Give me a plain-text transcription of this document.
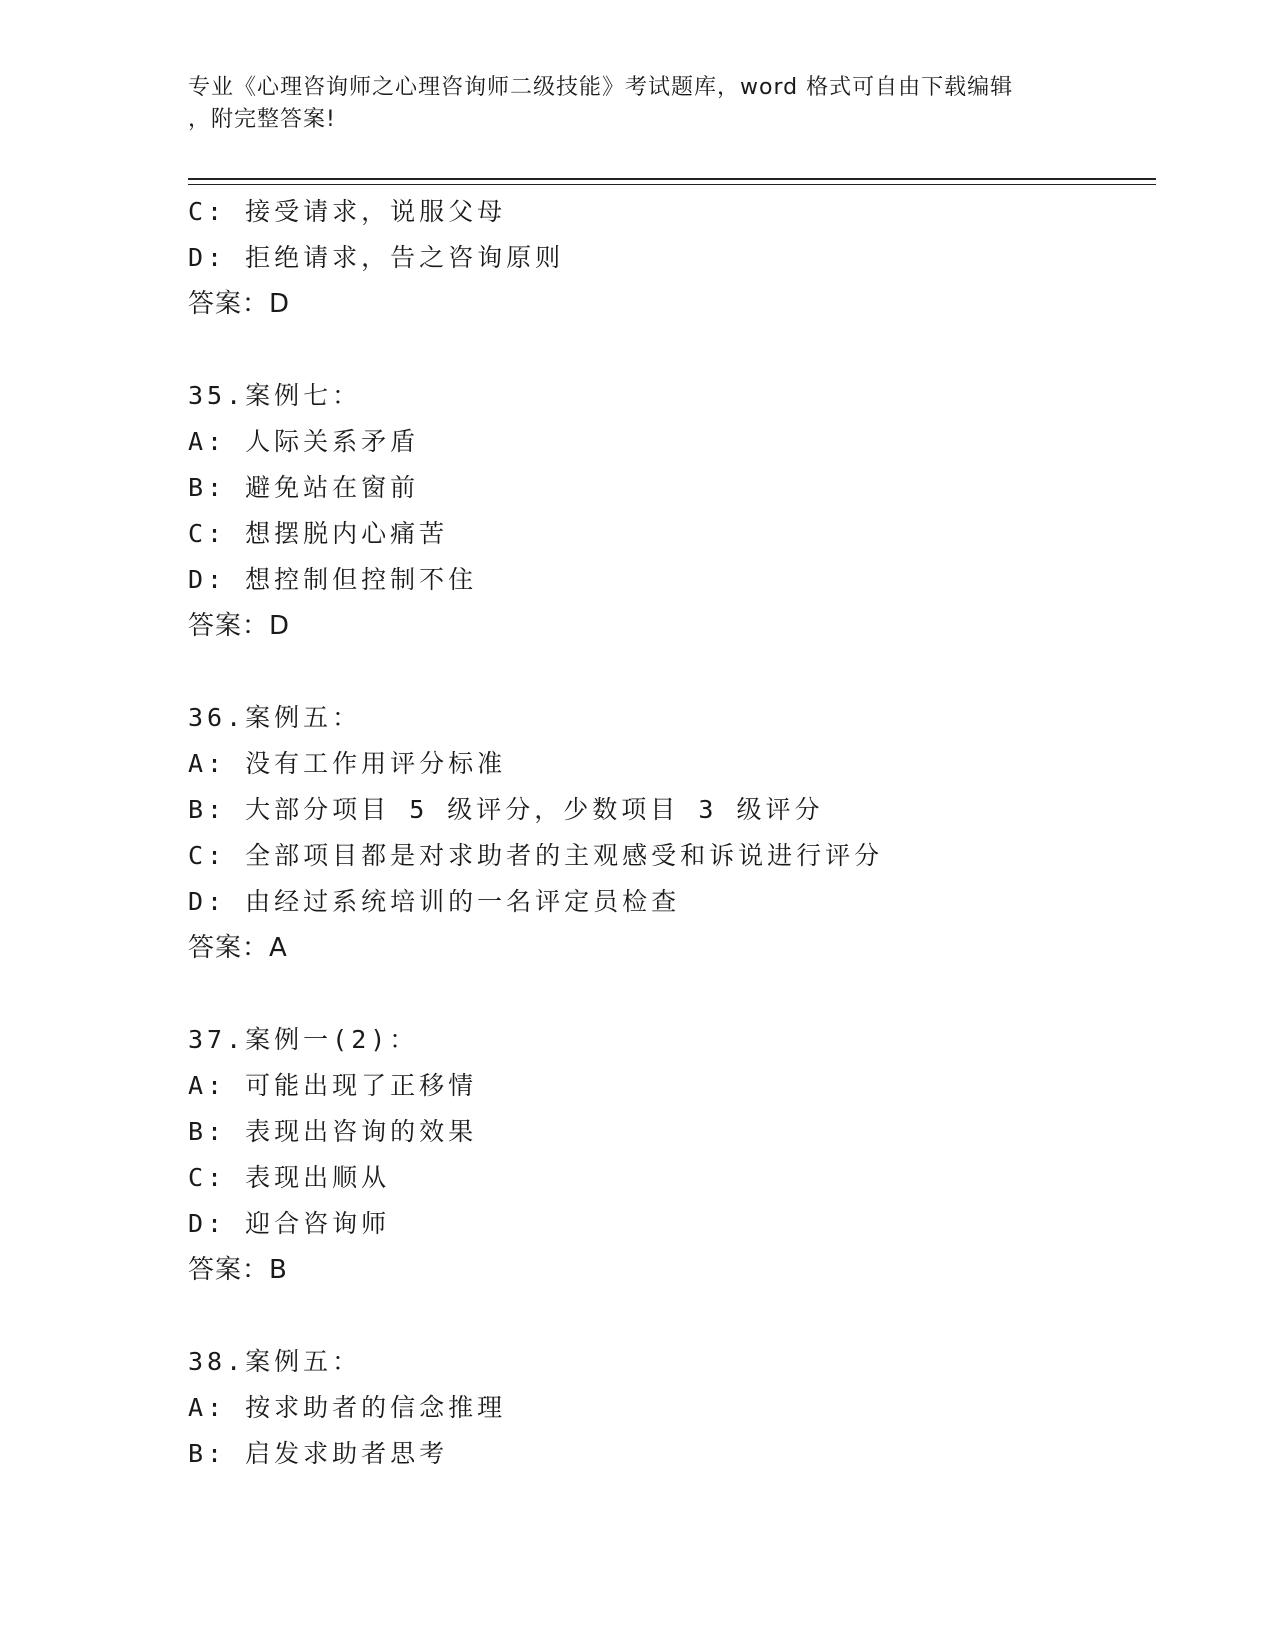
专业《心理咨询师之心理咨询师二级技能》考试题库，word 格式可自由下载编辑
，附完整答案!
C: 接受请求，说服父母
D: 拒绝请求，告之咨询原则
答案：D
35.案例七：
A: 人际关系矛盾
B: 避免站在窗前
C: 想摆脱内心痛苦
D: 想控制但控制不住
答案：D
36.案例五：
A: 没有工作用评分标准
B: 大部分项目 5 级评分，少数项目 3 级评分
C: 全部项目都是对求助者的主观感受和诉说进行评分
D: 由经过系统培训的一名评定员检查
答案：A
37.案例一(2)：
A: 可能出现了正移情
B: 表现出咨询的效果
C: 表现出顺从
D: 迎合咨询师
答案：B
38.案例五：
A: 按求助者的信念推理
B: 启发求助者思考
